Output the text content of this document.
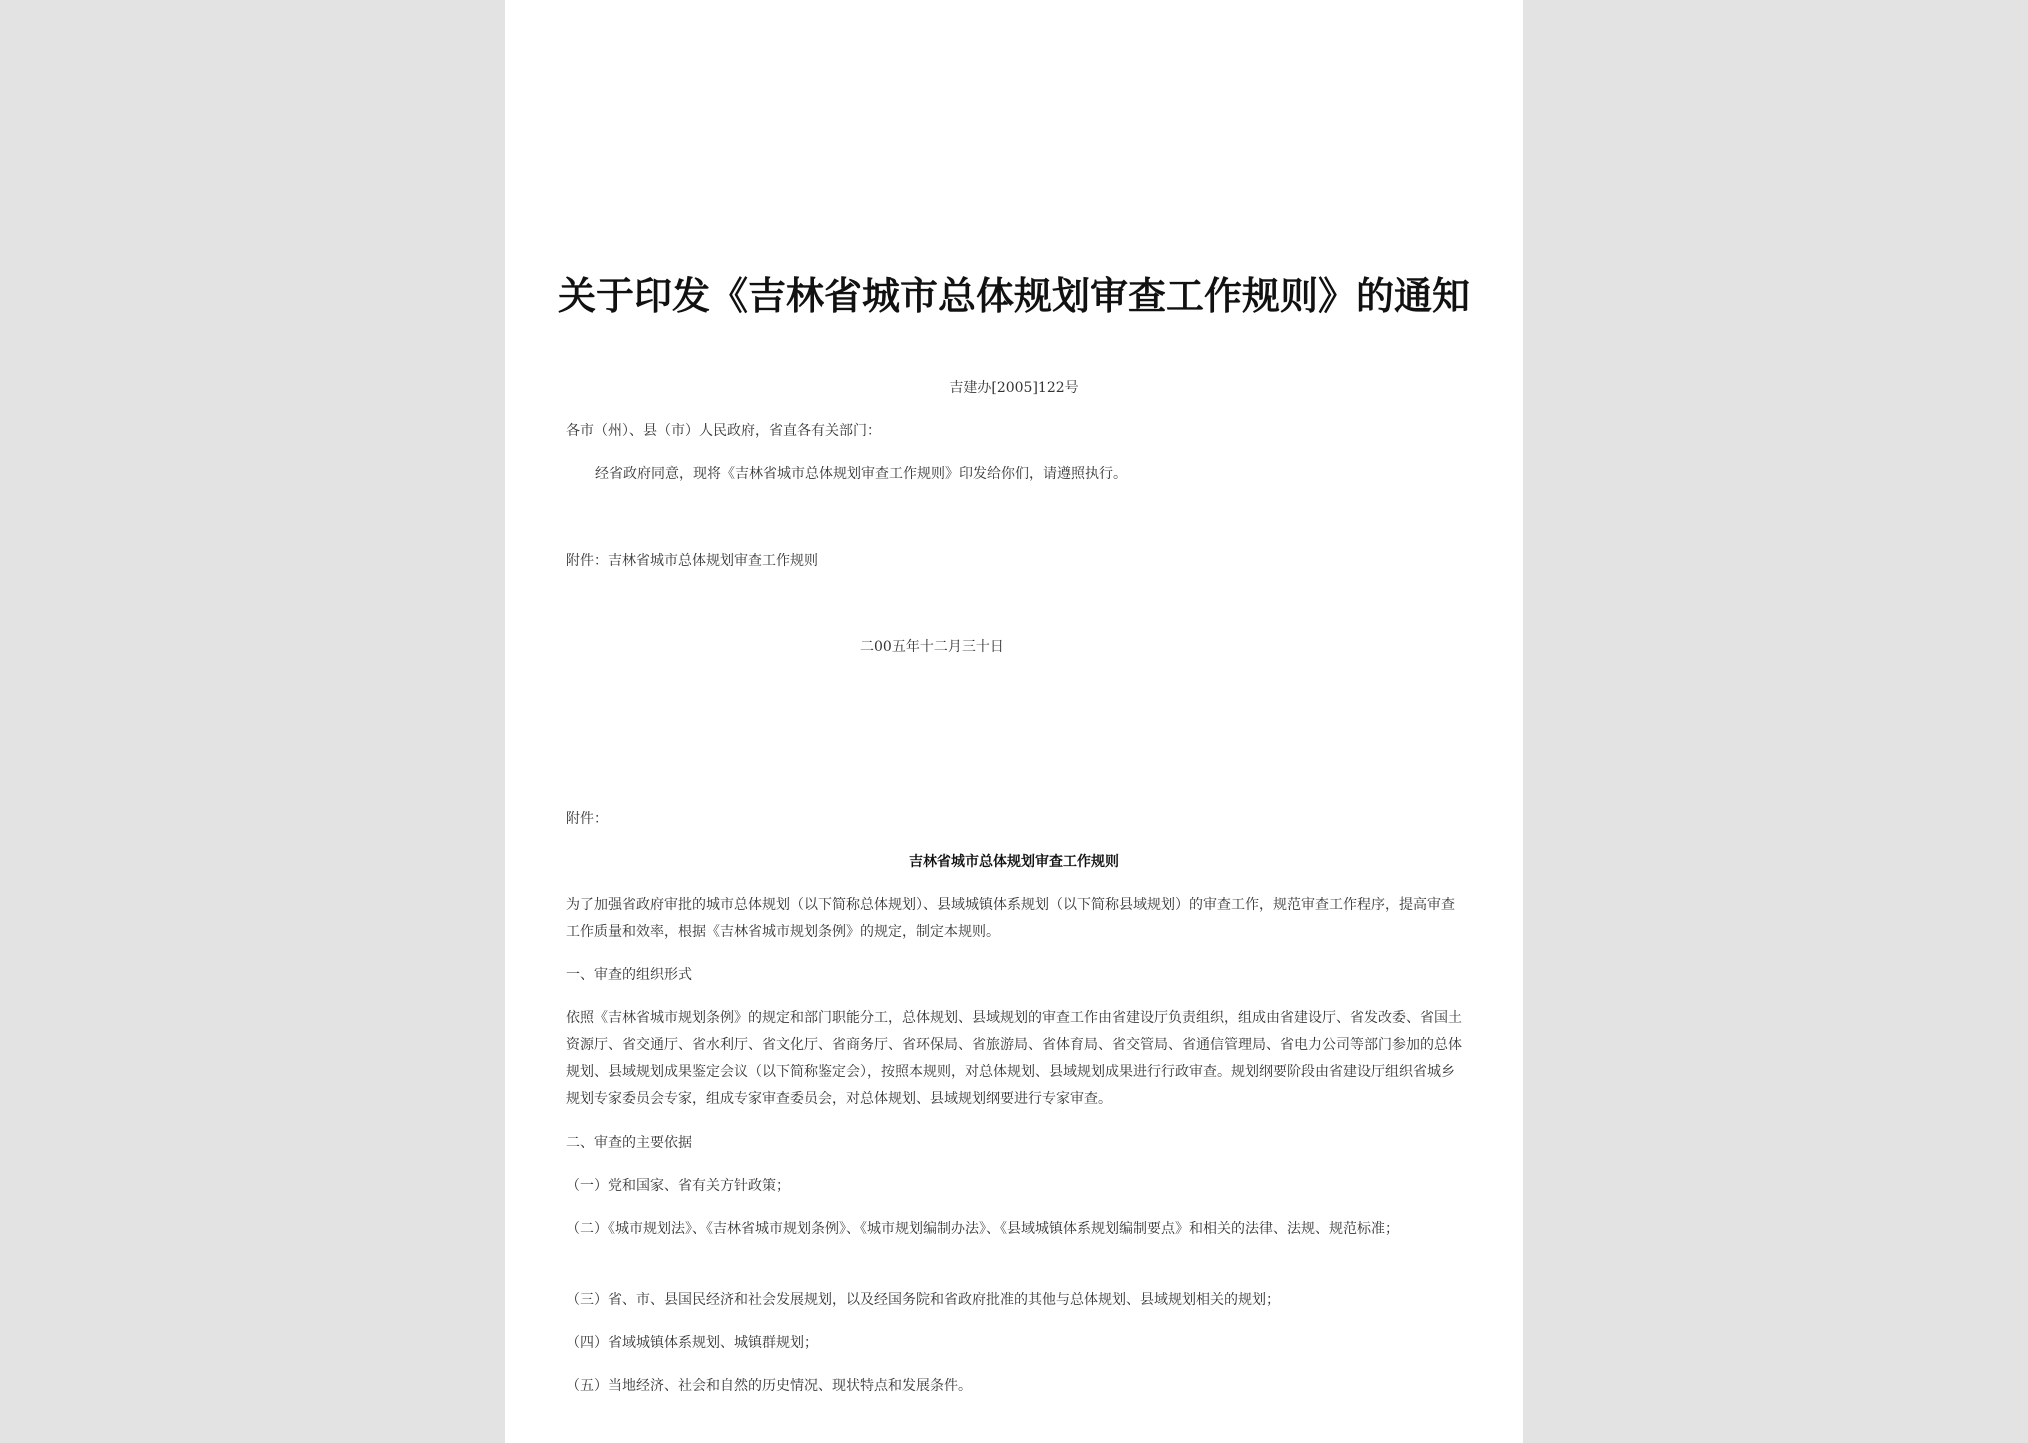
关于印发《吉林省城市总体规划审查工作规则》的通知
吉建办[2005]122号
各市（州）、县（市）人民政府，省直各有关部门：
经省政府同意，现将《吉林省城市总体规划审查工作规则》印发给你们，请遵照执行。
附件：吉林省城市总体规划审查工作规则
二00五年十二月三十日
附件：
吉林省城市总体规划审查工作规则
为了加强省政府审批的城市总体规划（以下简称总体规划）、县域城镇体系规划（以下简称县域规划）的审查工作，规范审查工作程序，提高审查工作质量和效率，根据《吉林省城市规划条例》的规定，制定本规则。
一、审查的组织形式
依照《吉林省城市规划条例》的规定和部门职能分工，总体规划、县域规划的审查工作由省建设厅负责组织，组成由省建设厅、省发改委、省国土资源厅、省交通厅、省水利厅、省文化厅、省商务厅、省环保局、省旅游局、省体育局、省交管局、省通信管理局、省电力公司等部门参加的总体规划、县域规划成果鉴定会议（以下简称鉴定会），按照本规则，对总体规划、县域规划成果进行行政审查。规划纲要阶段由省建设厅组织省城乡规划专家委员会专家，组成专家审查委员会，对总体规划、县域规划纲要进行专家审查。
二、审查的主要依据
（一）党和国家、省有关方针政策；
（二）《城市规划法》、《吉林省城市规划条例》、《城市规划编制办法》、《县域城镇体系规划编制要点》和相关的法律、法规、规范标准；
（三）省、市、县国民经济和社会发展规划，以及经国务院和省政府批准的其他与总体规划、县域规划相关的规划；
（四）省域城镇体系规划、城镇群规划；
（五）当地经济、社会和自然的历史情况、现状特点和发展条件。
